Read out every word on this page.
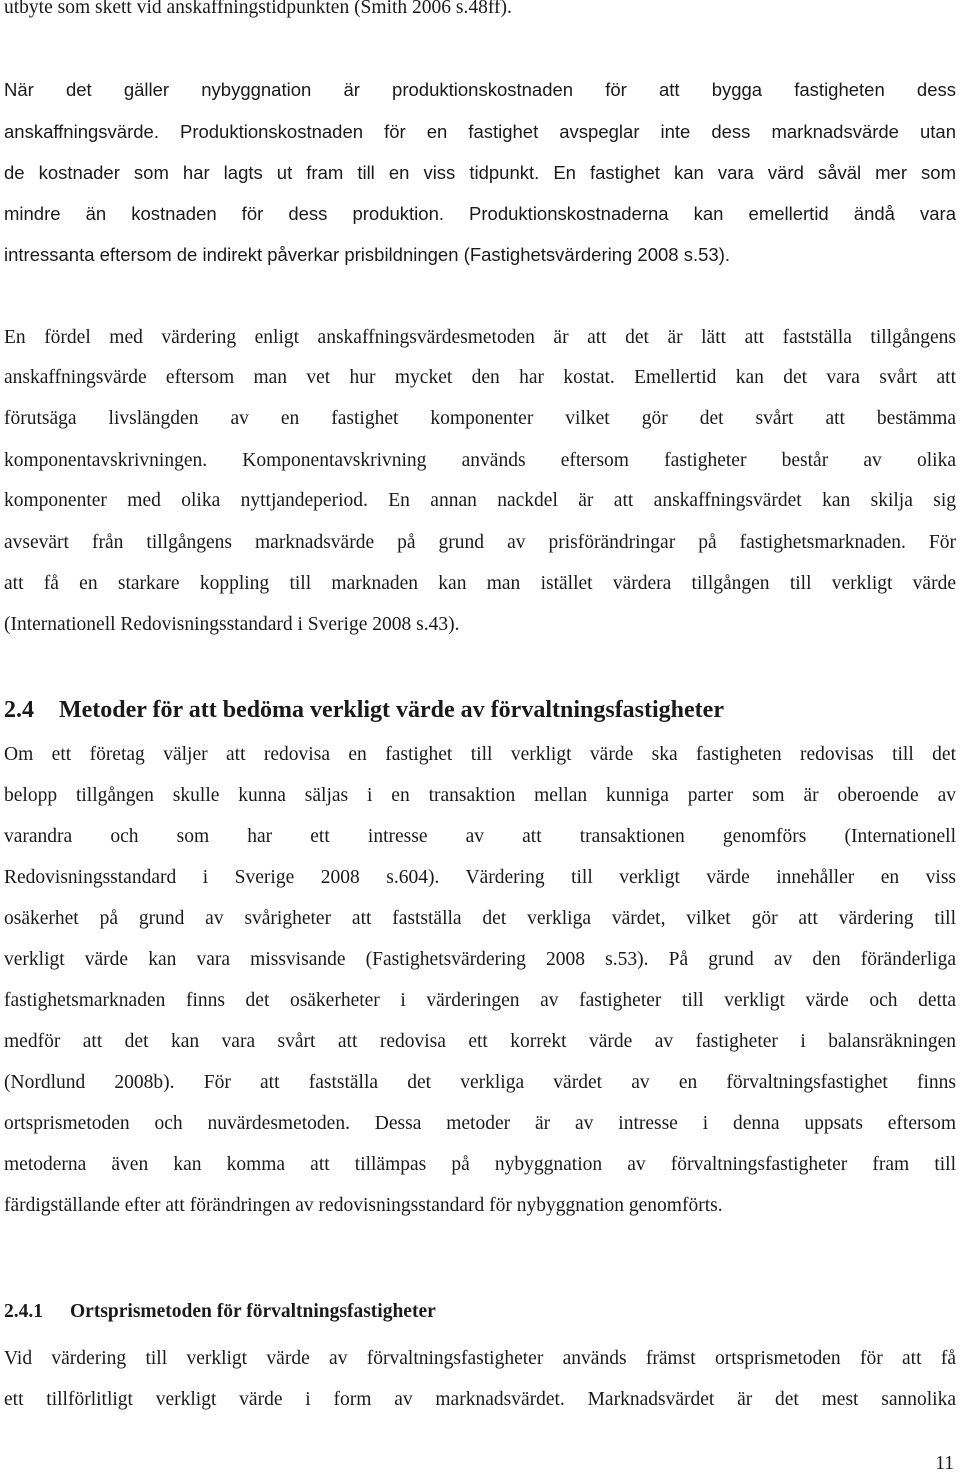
utbyte som skett vid anskaffningstidpunkten (Smith 2006 s.48ff).
När det gäller nybyggnation är produktionskostnaden för att bygga fastigheten dess
anskaffningsvärde. Produktionskostnaden för en fastighet avspeglar inte dess marknadsvärde utan
de kostnader som har lagts ut fram till en viss tidpunkt. En fastighet kan vara värd såväl mer som
mindre än kostnaden för dess produktion. Produktionskostnaderna kan emellertid ändå vara
intressanta eftersom de indirekt påverkar prisbildningen (Fastighetsvärdering 2008 s.53).
En fördel med värdering enligt anskaffningsvärdesmetoden är att det är lätt att fastställa tillgångens
anskaffningsvärde eftersom man vet hur mycket den har kostat. Emellertid kan det vara svårt att
förutsäga livslängden av en fastighet komponenter vilket gör det svårt att bestämma
komponentavskrivningen. Komponentavskrivning används eftersom fastigheter består av olika
komponenter med olika nyttjandeperiod. En annan nackdel är att anskaffningsvärdet kan skilja sig
avsevärt från tillgångens marknadsvärde på grund av prisförändringar på fastighetsmarknaden. För
att få en starkare koppling till marknaden kan man istället värdera tillgången till verkligt värde
(Internationell Redovisningsstandard i Sverige 2008 s.43).
2.4 Metoder för att bedöma verkligt värde av förvaltningsfastigheter
Om ett företag väljer att redovisa en fastighet till verkligt värde ska fastigheten redovisas till det
belopp tillgången skulle kunna säljas i en transaktion mellan kunniga parter som är oberoende av
varandra och som har ett intresse av att transaktionen genomförs (Internationell
Redovisningsstandard i Sverige 2008 s.604). Värdering till verkligt värde innehåller en viss
osäkerhet på grund av svårigheter att fastställa det verkliga värdet, vilket gör att värdering till
verkligt värde kan vara missvisande (Fastighetsvärdering 2008 s.53). På grund av den föränderliga
fastighetsmarknaden finns det osäkerheter i värderingen av fastigheter till verkligt värde och detta
medför att det kan vara svårt att redovisa ett korrekt värde av fastigheter i balansräkningen
(Nordlund 2008b). För att fastställa det verkliga värdet av en förvaltningsfastighet finns
ortsprismetoden och nuvärdesmetoden. Dessa metoder är av intresse i denna uppsats eftersom
metoderna även kan komma att tillämpas på nybyggnation av förvaltningsfastigheter fram till
färdigställande efter att förändringen av redovisningsstandard för nybyggnation genomförts.
2.4.1 Ortsprismetoden för förvaltningsfastigheter
Vid värdering till verkligt värde av förvaltningsfastigheter används främst ortsprismetoden för att få
ett tillförlitligt verkligt värde i form av marknadsvärdet. Marknadsvärdet är det mest sannolika
11
